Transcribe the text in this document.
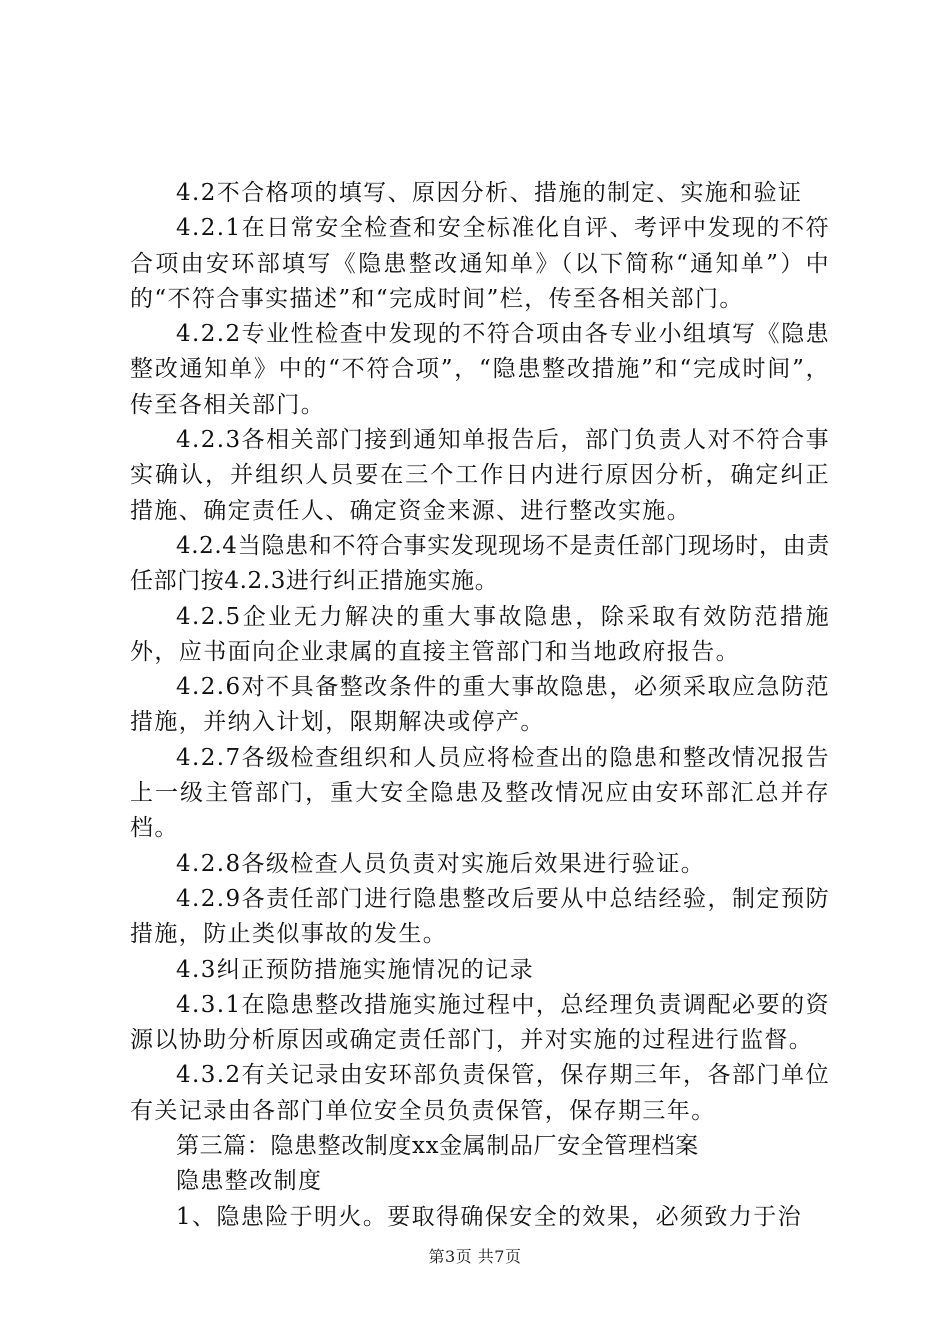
4.2不合格项的填写、原因分析、措施的制定、实施和验证

4.2.1在日常安全检查和安全标准化自评、考评中发现的不符合项由安环部填写《隐患整改通知单》（以下简称“通知单”）中的“不符合事实描述”和“完成时间”栏，传至各相关部门。

4.2.2专业性检查中发现的不符合项由各专业小组填写《隐患整改通知单》中的“不符合项”，“隐患整改措施”和“完成时间”，传至各相关部门。

4.2.3各相关部门接到通知单报告后，部门负责人对不符合事实确认，并组织人员要在三个工作日内进行原因分析，确定纠正措施、确定责任人、确定资金来源、进行整改实施。

4.2.4当隐患和不符合事实发现现场不是责任部门现场时，由责任部门按4.2.3进行纠正措施实施。

4.2.5企业无力解决的重大事故隐患，除采取有效防范措施外，应书面向企业隶属的直接主管部门和当地政府报告。

4.2.6对不具备整改条件的重大事故隐患，必须采取应急防范措施，并纳入计划，限期解决或停产。

4.2.7各级检查组织和人员应将检查出的隐患和整改情况报告上一级主管部门，重大安全隐患及整改情况应由安环部汇总并存档。

4.2.8各级检查人员负责对实施后效果进行验证。

4.2.9各责任部门进行隐患整改后要从中总结经验，制定预防措施，防止类似事故的发生。

4.3纠正预防措施实施情况的记录

4.3.1在隐患整改措施实施过程中，总经理负责调配必要的资源以协助分析原因或确定责任部门，并对实施的过程进行监督。

4.3.2有关记录由安环部负责保管，保存期三年，各部门单位有关记录由各部门单位安全员负责保管，保存期三年。

第三篇：隐患整改制度xx金属制品厂安全管理档案

隐患整改制度

1、隐患险于明火。要取得确保安全的效果，必须致力于治

第3页 共7页
